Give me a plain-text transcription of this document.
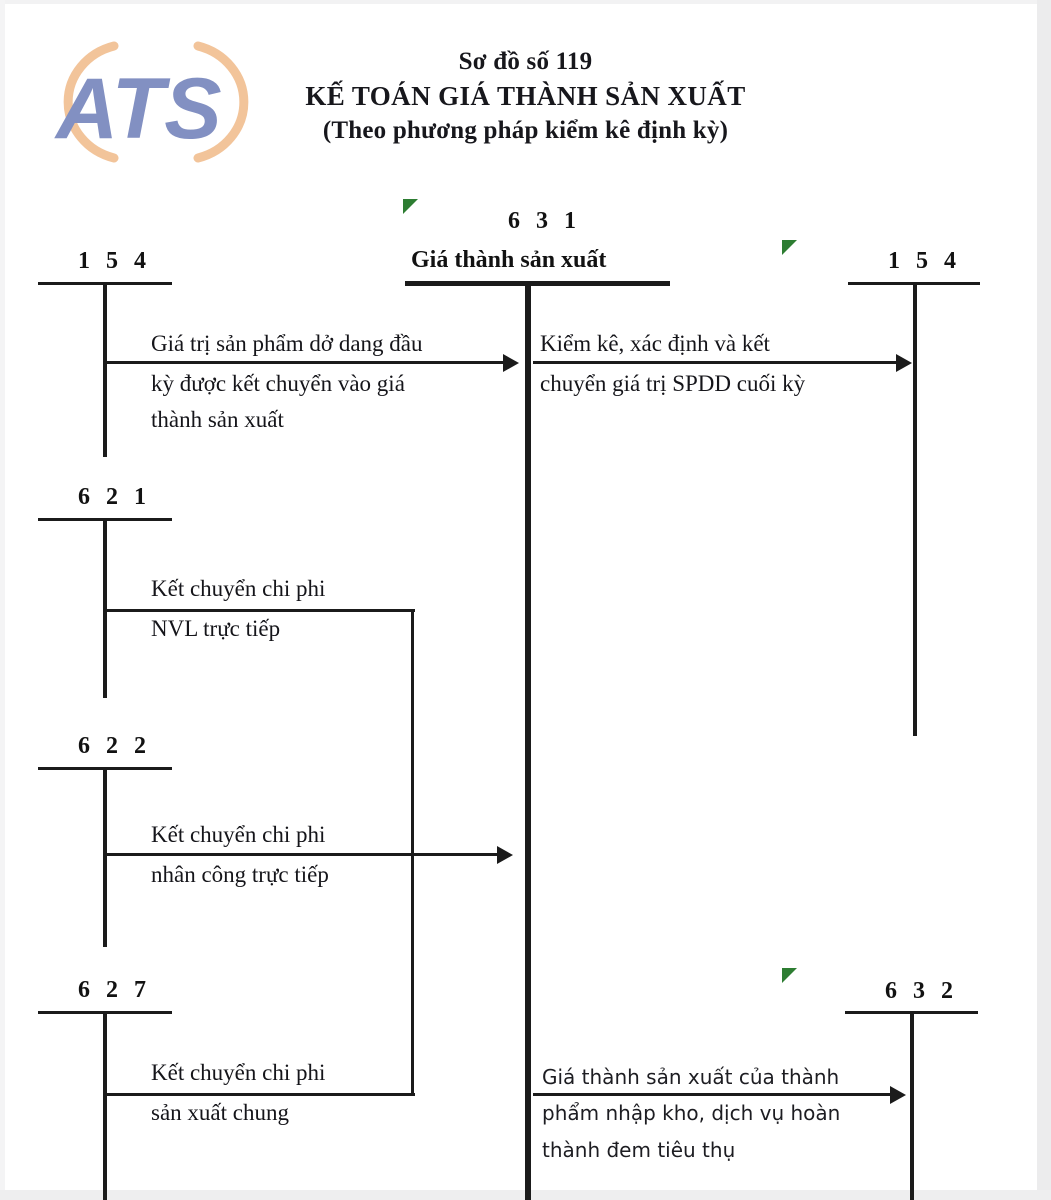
ATS	Sơ đồ số 119
KẾ TOÁN GIÁ THÀNH SẢN XUẤT
(Theo phương pháp kiểm kê định kỳ)
1 5 4
6 3 1
Giá thành sản xuất	1 5 4
Giá trị sản phẩm dở dang đầu
kỳ được kết chuyển vào giá
thành sản xuất
Kiểm kê, xác định và kết
chuyển giá trị SPDD cuối kỳ
6 2 1
Kết chuyển chi phi
NVL trực tiếp
6 2 2
Kết chuyển chi phi
nhân công trực tiếp
6 2 7
Kết chuyển chi phi
sản xuất chung
6 3 2
Giá thành sản xuất của thành
phẩm nhập kho, dịch vụ hoàn
thành đem tiêu thụ
